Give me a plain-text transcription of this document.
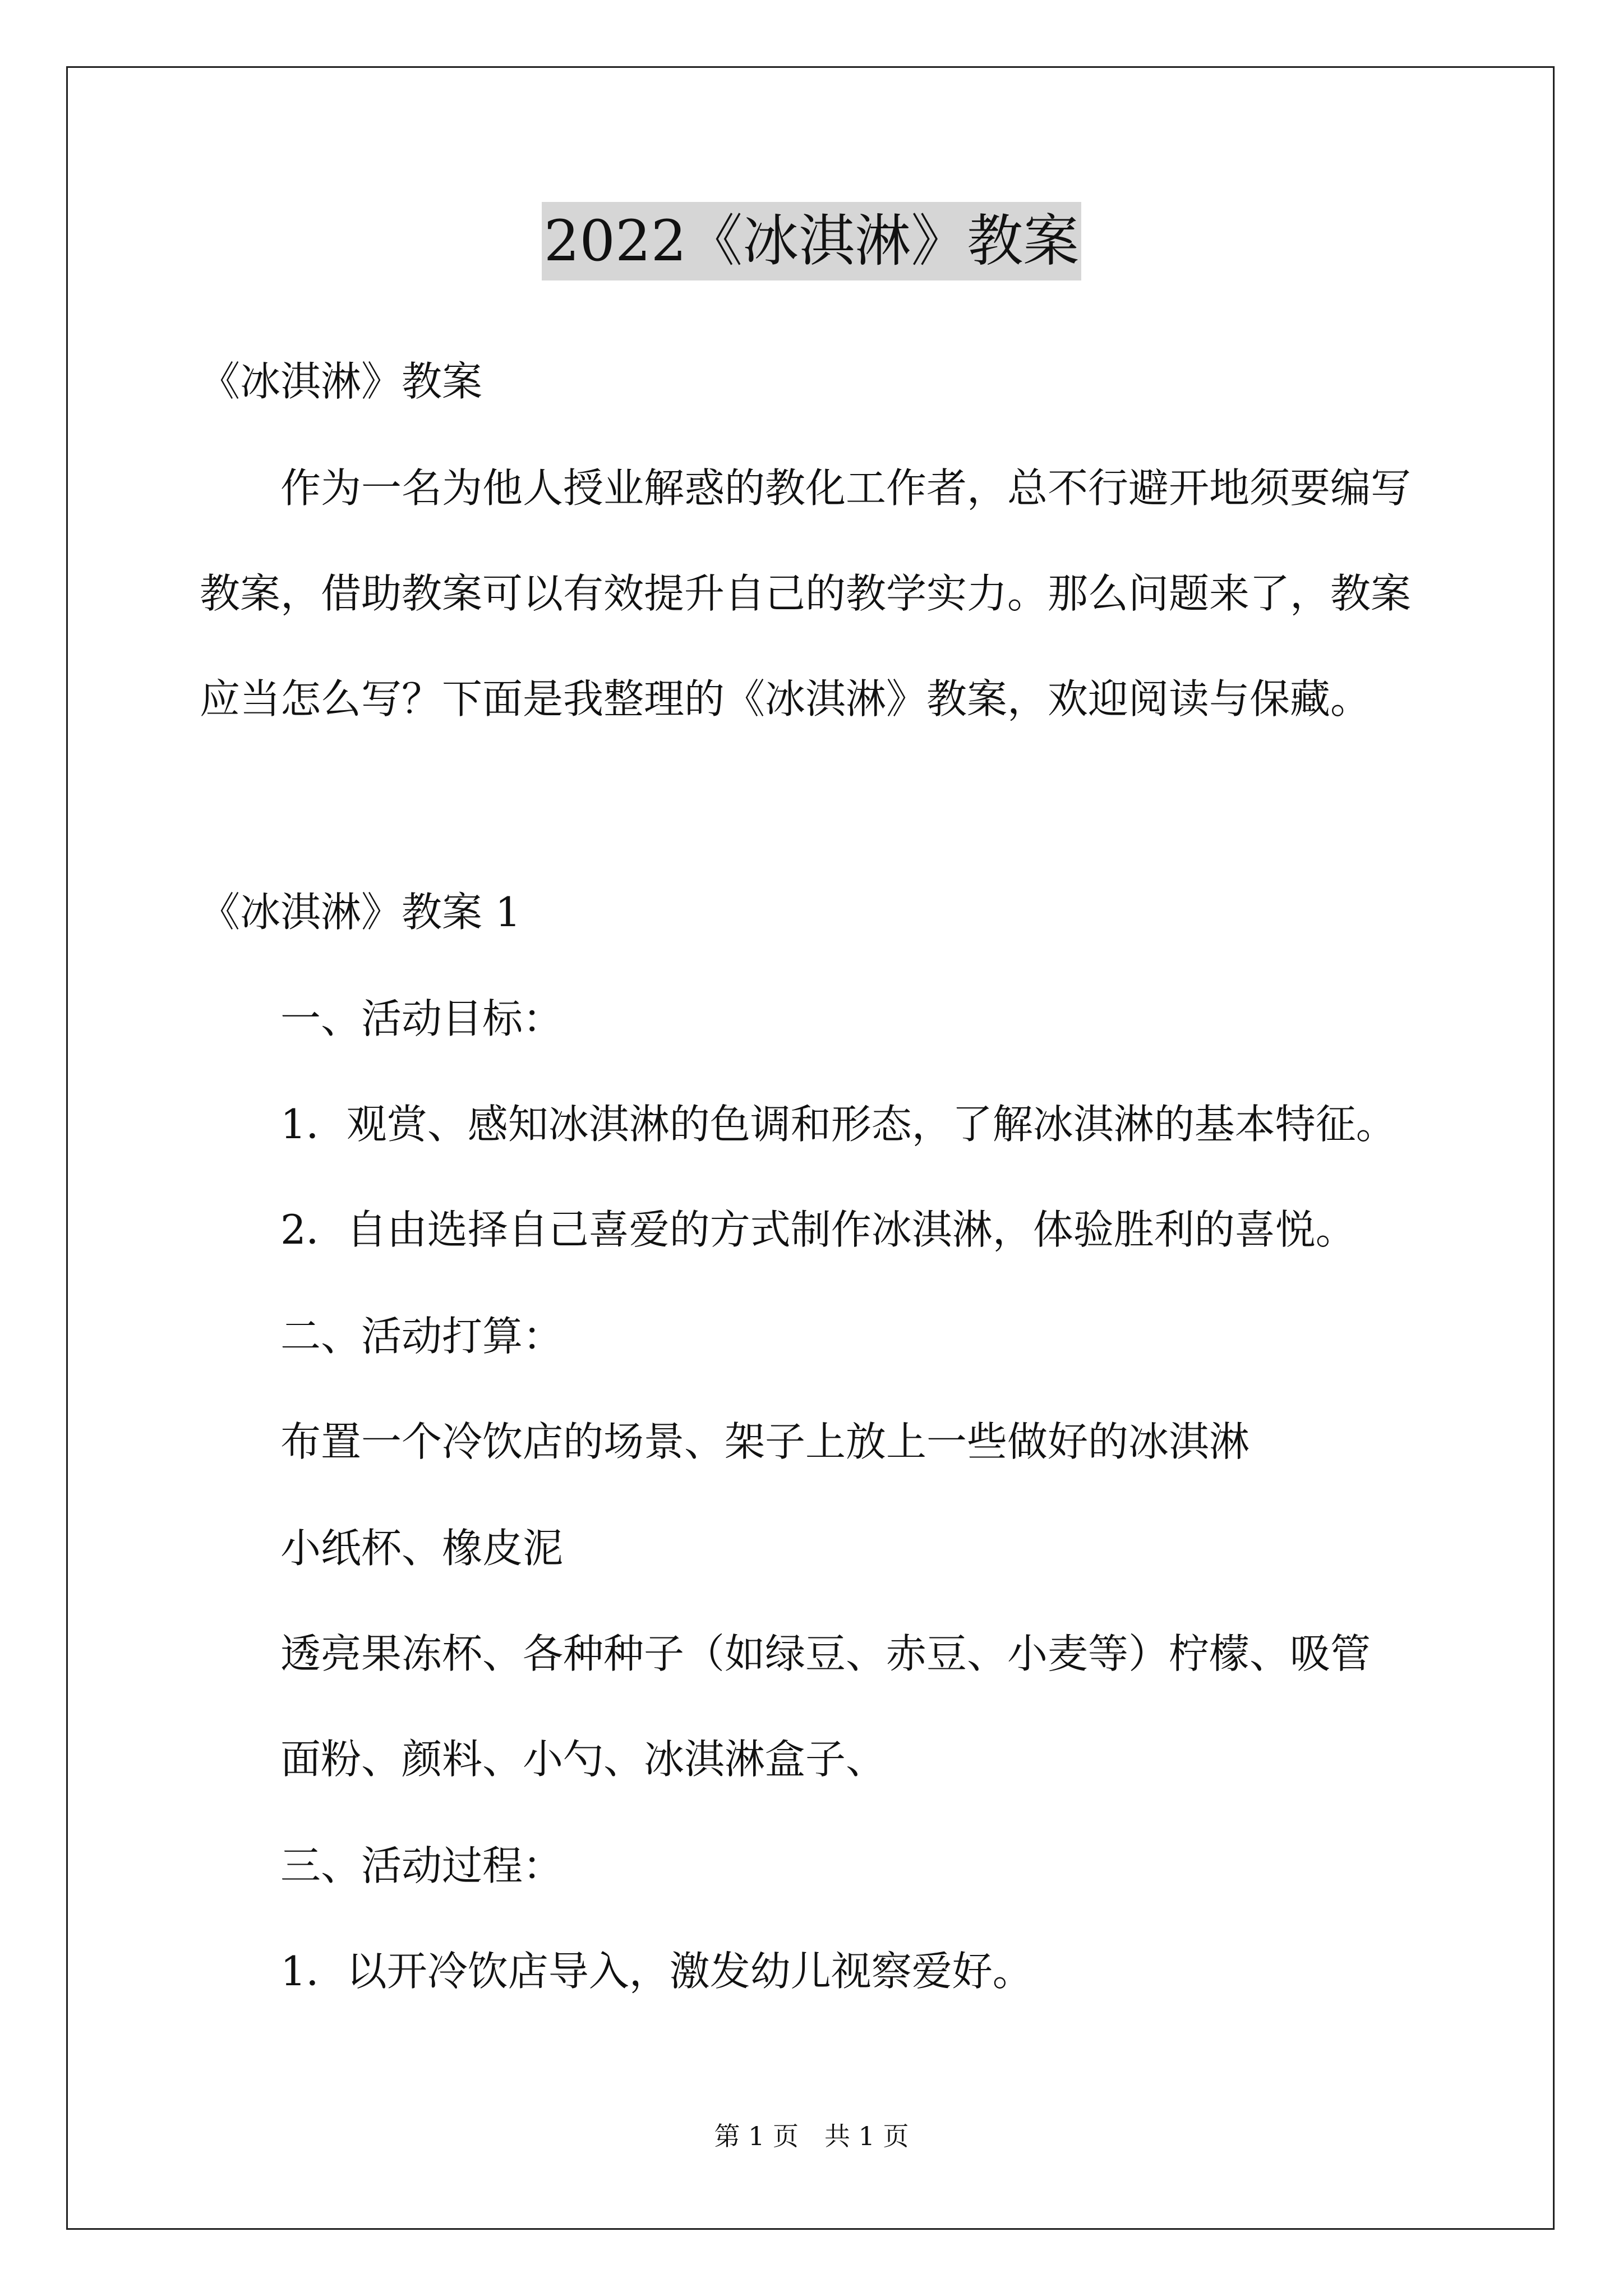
2022《冰淇淋》教案
《冰淇淋》教案
作为一名为他人授业解惑的教化工作者，总不行避开地须要编写
教案，借助教案可以有效提升自己的教学实力。那么问题来了，教案
应当怎么写？下面是我整理的《冰淇淋》教案，欢迎阅读与保藏。
《冰淇淋》教案 1
一、活动目标：
1．观赏、感知冰淇淋的色调和形态，了解冰淇淋的基本特征。
2．自由选择自己喜爱的方式制作冰淇淋，体验胜利的喜悦。
二、活动打算：
布置一个冷饮店的场景、架子上放上一些做好的冰淇淋
小纸杯、橡皮泥
透亮果冻杯、各种种子（如绿豆、赤豆、小麦等）柠檬、吸管
面粉、颜料、小勺、冰淇淋盒子、
三、活动过程：
1．以开冷饮店导入，激发幼儿视察爱好。
第 1 页　共 1 页
